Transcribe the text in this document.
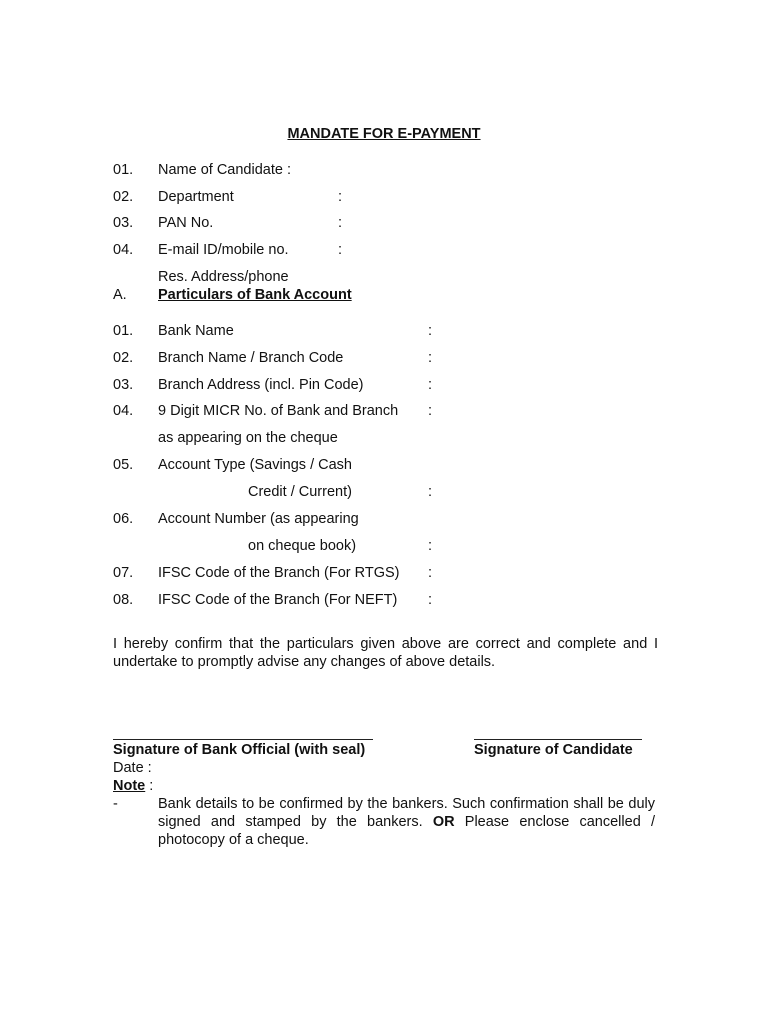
MANDATE FOR E-PAYMENT
01. Name of Candidate :
02. Department	:
03. PAN No.	:
04. E-mail ID/mobile no.	:
Res. Address/phone
A. Particulars of Bank Account
01. Bank Name	:
02. Branch Name / Branch Code	:
03. Branch Address (incl. Pin Code)	:
04. 9 Digit MICR No. of Bank and Branch :
as appearing on the cheque
05. Account Type (Savings / Cash
Credit / Current)	:
06. Account Number (as appearing
on cheque book)	:
07. IFSC Code of the Branch (For RTGS) :
08. IFSC Code of the Branch (For NEFT) :
I hereby confirm that the particulars given above are correct and complete and I undertake to promptly advise any changes of above details.
Signature of Bank Official (with seal)	Signature of Candidate
Date :
Note :
-	Bank details to be confirmed by the bankers. Such confirmation shall be duly signed and stamped by the bankers. OR Please enclose cancelled / photocopy of a cheque.
